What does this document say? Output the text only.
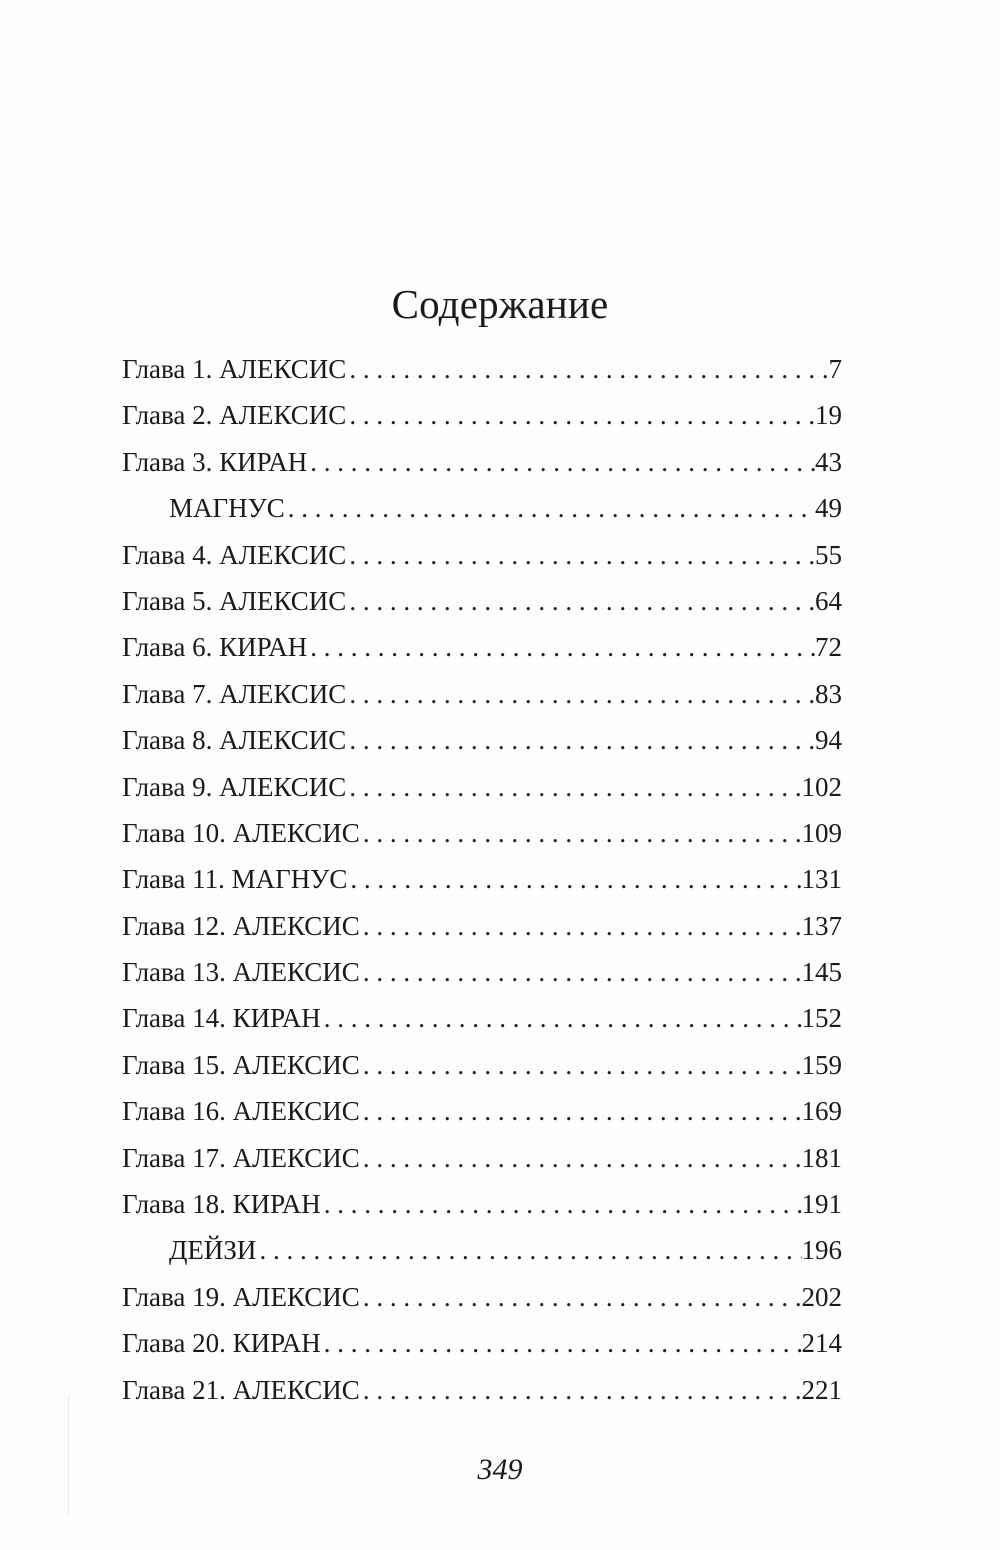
Содержание
Глава 1. АЛЕКСИС . . .	7
Глава 2. АЛЕКСИС . . .	19
Глава 3. КИРАН . . .	43
МАГНУС . . .	49
Глава 4. АЛЕКСИС . . .	55
Глава 5. АЛЕКСИС . . .	64
Глава 6. КИРАН . . .	72
Глава 7. АЛЕКСИС . . .	83
Глава 8. АЛЕКСИС . . .	94
Глава 9. АЛЕКСИС . . .	102
Глава 10. АЛЕКСИС . . .	109
Глава 11. МАГНУС . . .	131
Глава 12. АЛЕКСИС . . .	137
Глава 13. АЛЕКСИС . . .	145
Глава 14. КИРАН . . .	152
Глава 15. АЛЕКСИС . . .	159
Глава 16. АЛЕКСИС . . .	169
Глава 17. АЛЕКСИС . . .	181
Глава 18. КИРАН . . .	191
ДЕЙЗИ . . .	196
Глава 19. АЛЕКСИС . . .	202
Глава 20. КИРАН . . .	214
Глава 21. АЛЕКСИС . . .	221
349
